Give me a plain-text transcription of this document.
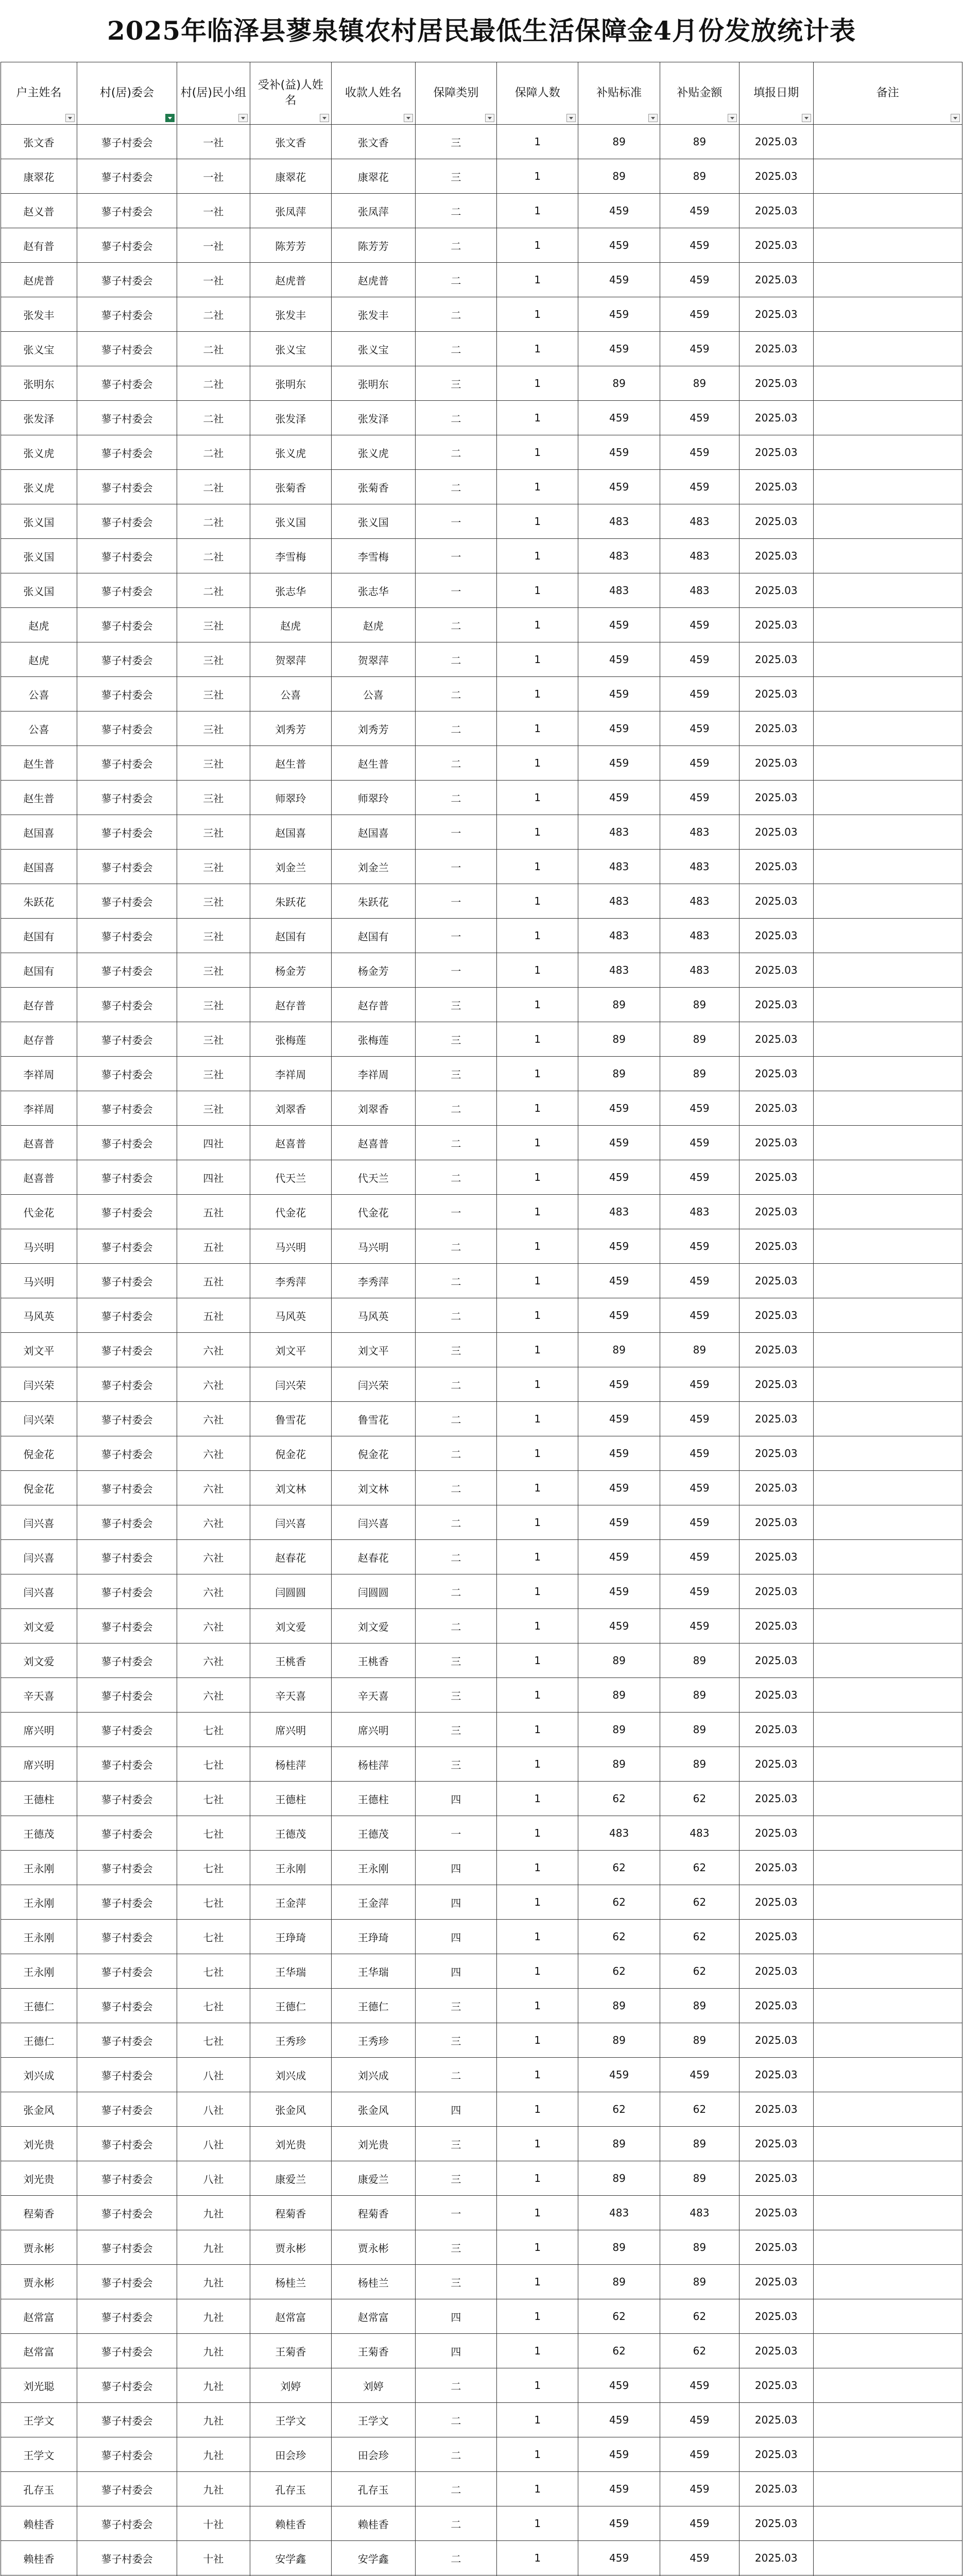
2025年临泽县蓼泉镇农村居民最低生活保障金4月份发放统计表
户主姓名	村(居)委会	村(居)民小组	受补(益)人姓名	收款人姓名	保障类别	保障人数	补贴标准	补贴金额	填报日期	备注

张文香	蓼子村委会	一社	张文香	张文香	三	1	89	89	2025.03	
康翠花	蓼子村委会	一社	康翠花	康翠花	三	1	89	89	2025.03	
赵义普	蓼子村委会	一社	张凤萍	张凤萍	二	1	459	459	2025.03	
赵有普	蓼子村委会	一社	陈芳芳	陈芳芳	二	1	459	459	2025.03	
赵虎普	蓼子村委会	一社	赵虎普	赵虎普	二	1	459	459	2025.03	
张发丰	蓼子村委会	二社	张发丰	张发丰	二	1	459	459	2025.03	
张义宝	蓼子村委会	二社	张义宝	张义宝	二	1	459	459	2025.03	
张明东	蓼子村委会	二社	张明东	张明东	三	1	89	89	2025.03	
张发泽	蓼子村委会	二社	张发泽	张发泽	二	1	459	459	2025.03	
张义虎	蓼子村委会	二社	张义虎	张义虎	二	1	459	459	2025.03	
张义虎	蓼子村委会	二社	张菊香	张菊香	二	1	459	459	2025.03	
张义国	蓼子村委会	二社	张义国	张义国	一	1	483	483	2025.03	
张义国	蓼子村委会	二社	李雪梅	李雪梅	一	1	483	483	2025.03	
张义国	蓼子村委会	二社	张志华	张志华	一	1	483	483	2025.03	
赵虎	蓼子村委会	三社	赵虎	赵虎	二	1	459	459	2025.03	
赵虎	蓼子村委会	三社	贺翠萍	贺翠萍	二	1	459	459	2025.03	
公喜	蓼子村委会	三社	公喜	公喜	二	1	459	459	2025.03	
公喜	蓼子村委会	三社	刘秀芳	刘秀芳	二	1	459	459	2025.03	
赵生普	蓼子村委会	三社	赵生普	赵生普	二	1	459	459	2025.03	
赵生普	蓼子村委会	三社	师翠玲	师翠玲	二	1	459	459	2025.03	
赵国喜	蓼子村委会	三社	赵国喜	赵国喜	一	1	483	483	2025.03	
赵国喜	蓼子村委会	三社	刘金兰	刘金兰	一	1	483	483	2025.03	
朱跃花	蓼子村委会	三社	朱跃花	朱跃花	一	1	483	483	2025.03	
赵国有	蓼子村委会	三社	赵国有	赵国有	一	1	483	483	2025.03	
赵国有	蓼子村委会	三社	杨金芳	杨金芳	一	1	483	483	2025.03	
赵存普	蓼子村委会	三社	赵存普	赵存普	三	1	89	89	2025.03	
赵存普	蓼子村委会	三社	张梅莲	张梅莲	三	1	89	89	2025.03	
李祥周	蓼子村委会	三社	李祥周	李祥周	三	1	89	89	2025.03	
李祥周	蓼子村委会	三社	刘翠香	刘翠香	二	1	459	459	2025.03	
赵喜普	蓼子村委会	四社	赵喜普	赵喜普	二	1	459	459	2025.03	
赵喜普	蓼子村委会	四社	代天兰	代天兰	二	1	459	459	2025.03	
代金花	蓼子村委会	五社	代金花	代金花	一	1	483	483	2025.03	
马兴明	蓼子村委会	五社	马兴明	马兴明	二	1	459	459	2025.03	
马兴明	蓼子村委会	五社	李秀萍	李秀萍	二	1	459	459	2025.03	
马风英	蓼子村委会	五社	马风英	马风英	二	1	459	459	2025.03	
刘文平	蓼子村委会	六社	刘文平	刘文平	三	1	89	89	2025.03	
闫兴荣	蓼子村委会	六社	闫兴荣	闫兴荣	二	1	459	459	2025.03	
闫兴荣	蓼子村委会	六社	鲁雪花	鲁雪花	二	1	459	459	2025.03	
倪金花	蓼子村委会	六社	倪金花	倪金花	二	1	459	459	2025.03	
倪金花	蓼子村委会	六社	刘文林	刘文林	二	1	459	459	2025.03	
闫兴喜	蓼子村委会	六社	闫兴喜	闫兴喜	二	1	459	459	2025.03	
闫兴喜	蓼子村委会	六社	赵春花	赵春花	二	1	459	459	2025.03	
闫兴喜	蓼子村委会	六社	闫圆圆	闫圆圆	二	1	459	459	2025.03	
刘文爱	蓼子村委会	六社	刘文爱	刘文爱	二	1	459	459	2025.03	
刘文爱	蓼子村委会	六社	王桃香	王桃香	三	1	89	89	2025.03	
辛天喜	蓼子村委会	六社	辛天喜	辛天喜	三	1	89	89	2025.03	
席兴明	蓼子村委会	七社	席兴明	席兴明	三	1	89	89	2025.03	
席兴明	蓼子村委会	七社	杨桂萍	杨桂萍	三	1	89	89	2025.03	
王德柱	蓼子村委会	七社	王德柱	王德柱	四	1	62	62	2025.03	
王德茂	蓼子村委会	七社	王德茂	王德茂	一	1	483	483	2025.03	
王永刚	蓼子村委会	七社	王永刚	王永刚	四	1	62	62	2025.03	
王永刚	蓼子村委会	七社	王金萍	王金萍	四	1	62	62	2025.03	
王永刚	蓼子村委会	七社	王琤琦	王琤琦	四	1	62	62	2025.03	
王永刚	蓼子村委会	七社	王华瑞	王华瑞	四	1	62	62	2025.03	
王德仁	蓼子村委会	七社	王德仁	王德仁	三	1	89	89	2025.03	
王德仁	蓼子村委会	七社	王秀珍	王秀珍	三	1	89	89	2025.03	
刘兴成	蓼子村委会	八社	刘兴成	刘兴成	二	1	459	459	2025.03	
张金风	蓼子村委会	八社	张金风	张金风	四	1	62	62	2025.03	
刘光贵	蓼子村委会	八社	刘光贵	刘光贵	三	1	89	89	2025.03	
刘光贵	蓼子村委会	八社	康爱兰	康爱兰	三	1	89	89	2025.03	
程菊香	蓼子村委会	九社	程菊香	程菊香	一	1	483	483	2025.03	
贾永彬	蓼子村委会	九社	贾永彬	贾永彬	三	1	89	89	2025.03	
贾永彬	蓼子村委会	九社	杨桂兰	杨桂兰	三	1	89	89	2025.03	
赵常富	蓼子村委会	九社	赵常富	赵常富	四	1	62	62	2025.03	
赵常富	蓼子村委会	九社	王菊香	王菊香	四	1	62	62	2025.03	
刘光聪	蓼子村委会	九社	刘婷	刘婷	二	1	459	459	2025.03	
王学文	蓼子村委会	九社	王学文	王学文	二	1	459	459	2025.03	
王学文	蓼子村委会	九社	田会珍	田会珍	二	1	459	459	2025.03	
孔存玉	蓼子村委会	九社	孔存玉	孔存玉	二	1	459	459	2025.03	
赖桂香	蓼子村委会	十社	赖桂香	赖桂香	二	1	459	459	2025.03	
赖桂香	蓼子村委会	十社	安学鑫	安学鑫	二	1	459	459	2025.03	
